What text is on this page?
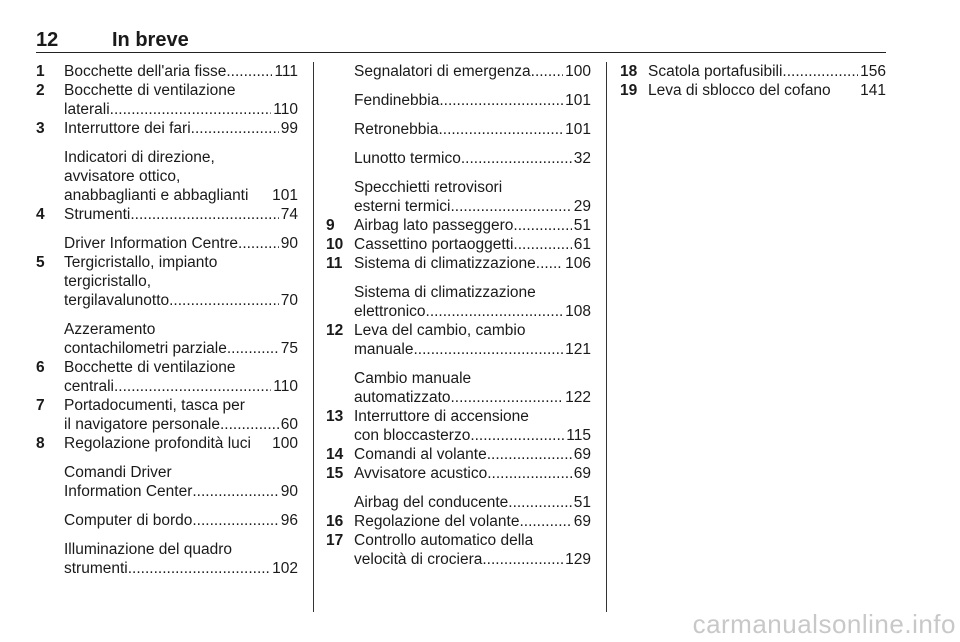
12	In breve
1	Bocchette dell'aria fisse .....	111
2	Bocchette di ventilazione
laterali .....	110
3	Interruttore dei fari .....	99
Indicatori di direzione,
avvisatore ottico,
anabbaglianti e abbaglianti 101
4	Strumenti .....	74
Driver Information Centre .....	90
5	Tergicristallo, impianto
tergicristallo,
tergilavalunotto .....	70
Azzeramento
contachilometri parziale .....	75
6	Bocchette di ventilazione
centrali .....	110
7	Portadocumenti, tasca per
il navigatore personale .....	60
8	Regolazione profondità luci 100
Comandi Driver
Information Center .....	90
Computer di bordo .....	96
Illuminazione del quadro
strumenti .....	102
Segnalatori di emergenza ..... 100
Fendinebbia .....	101
Retronebbia .....	101
Lunotto termico .....	32
Specchietti retrovisori
esterni termici .....	29
9	Airbag lato passeggero .....	51
10 Cassettino portaoggetti .....	61
11 Sistema di climatizzazione ..... 106
Sistema di climatizzazione
elettronico .....	108
12 Leva del cambio, cambio
manuale .....	121
Cambio manuale
automatizzato .....	122
13 Interruttore di accensione
con bloccasterzo .....	115
14 Comandi al volante .....	69
15 Avvisatore acustico .....	69
Airbag del conducente .....	51
16 Regolazione del volante .....	69
17 Controllo automatico della
velocità di crociera .....	129
18 Scatola portafusibili .....	156
19 Leva di sblocco del cofano 141
carmanualsonline.info
